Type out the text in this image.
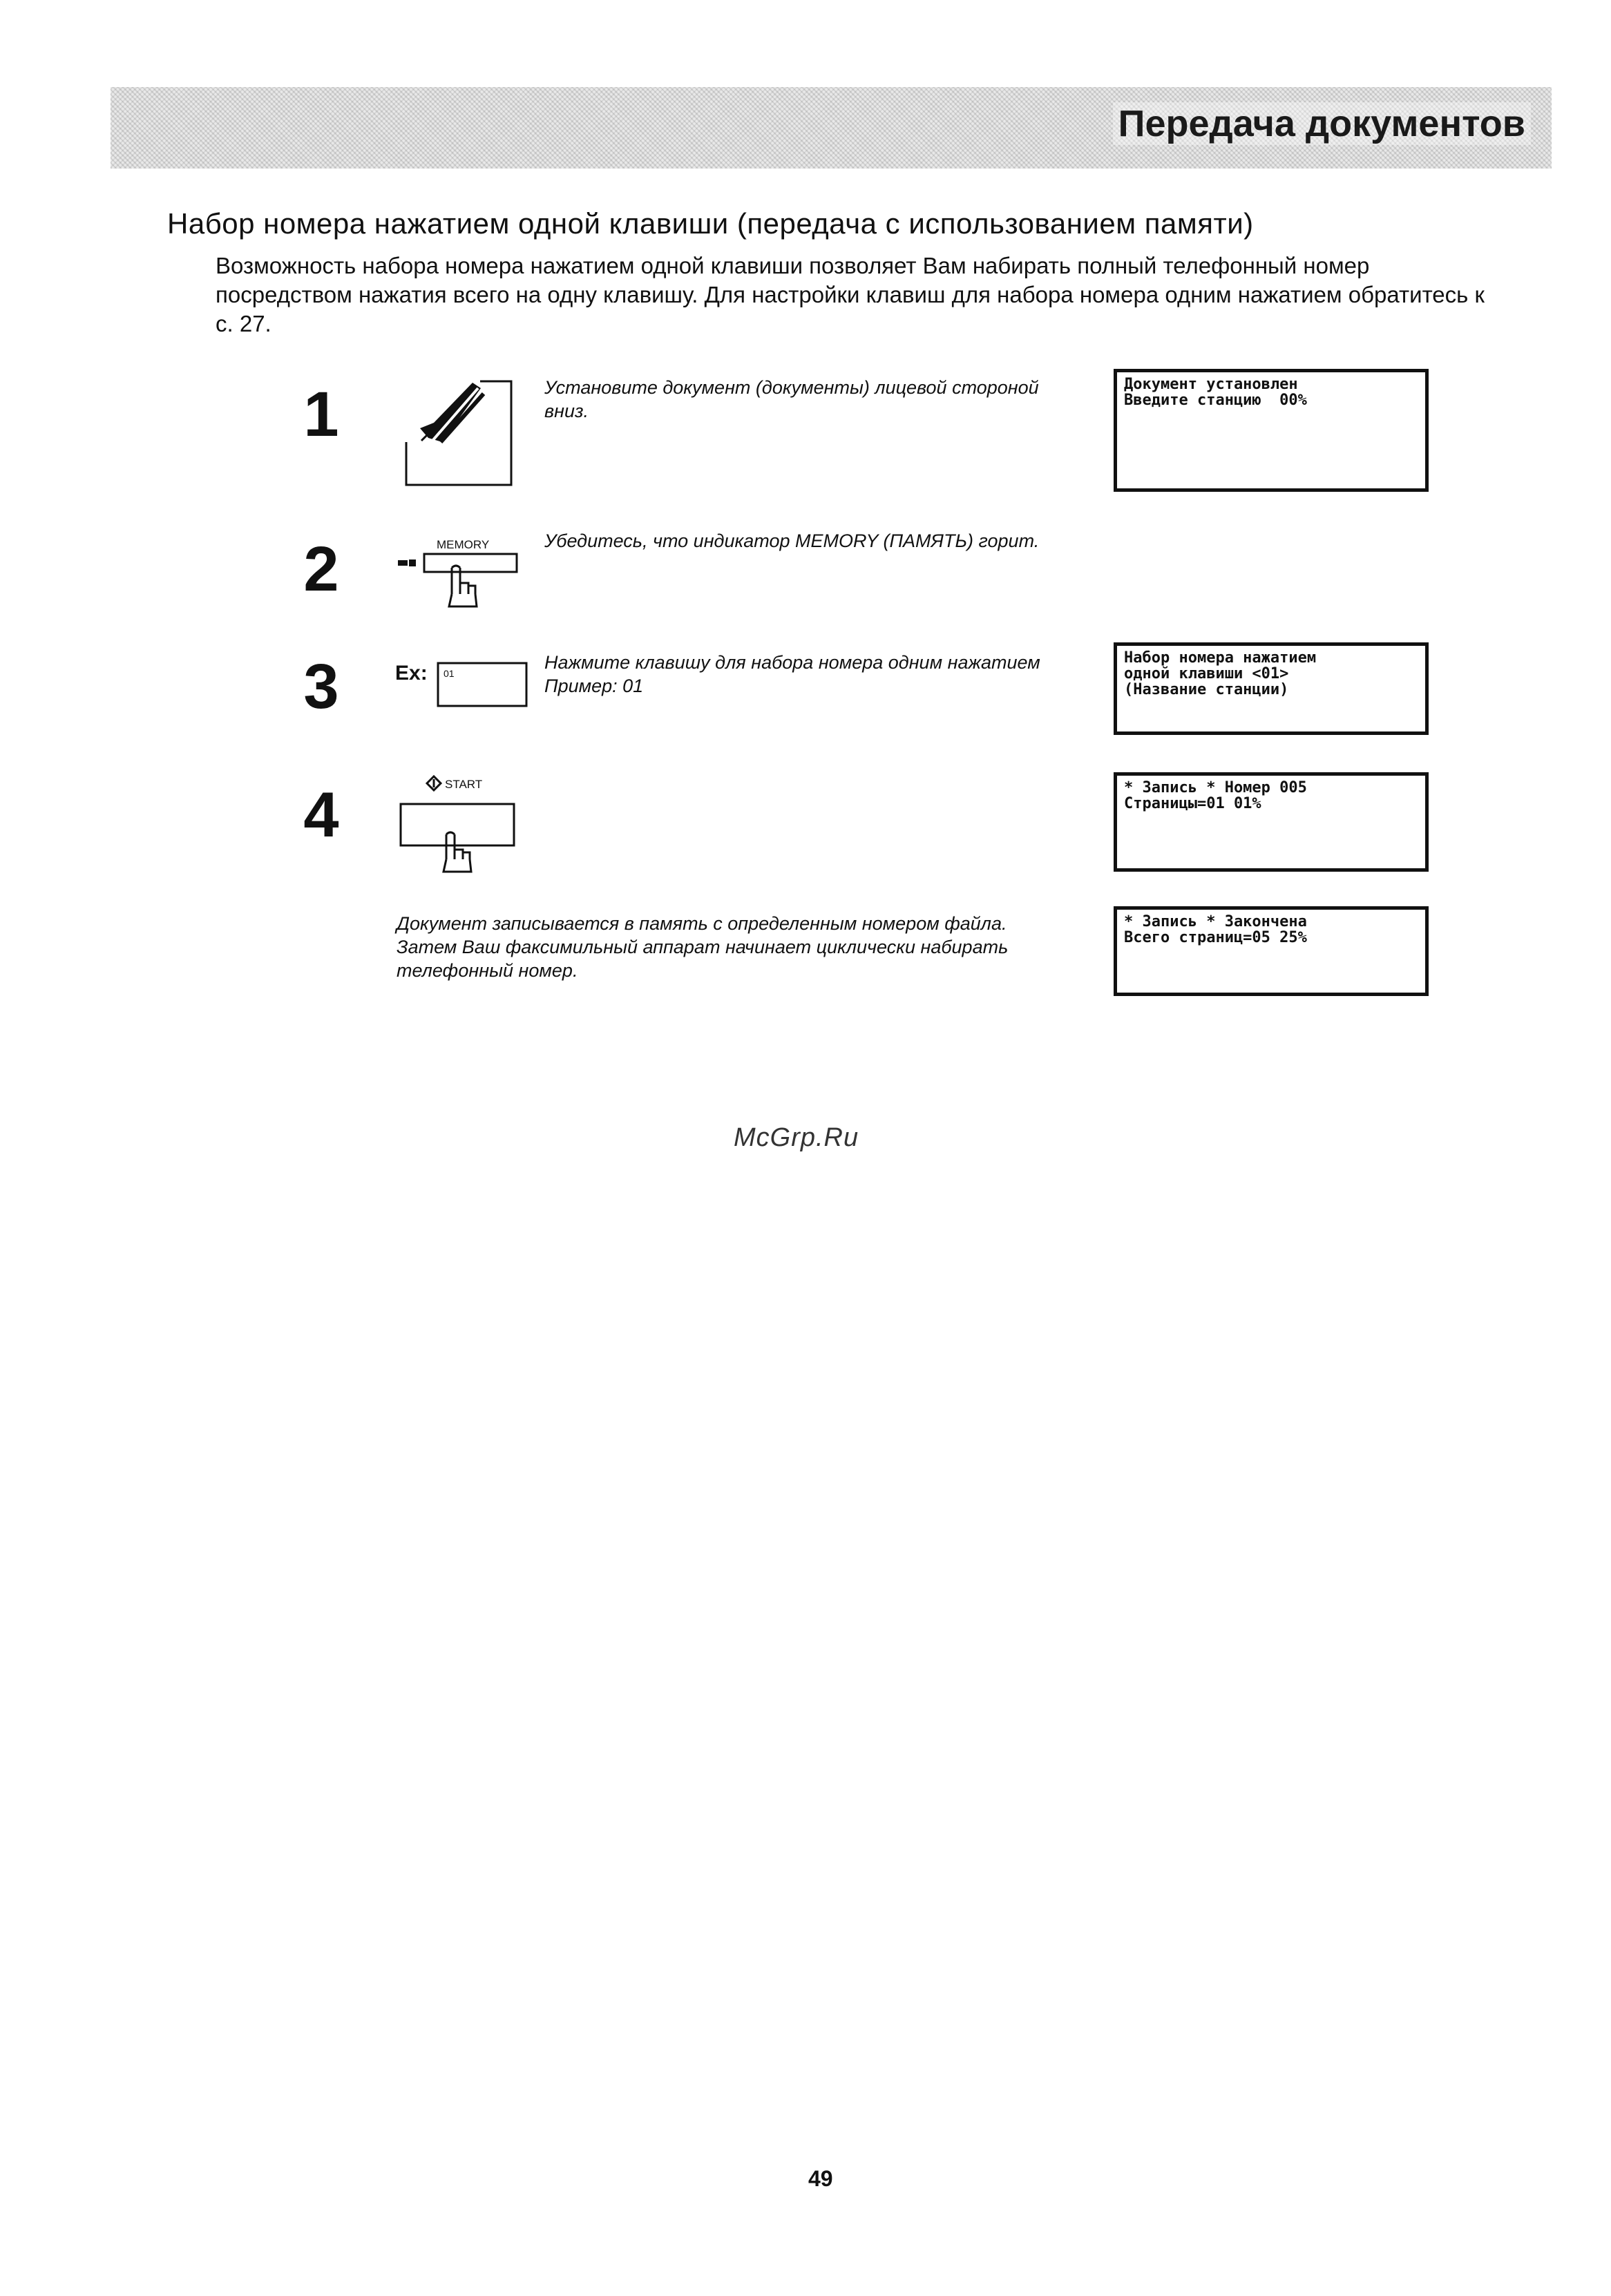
Передача документов
Набор номера нажатием одной клавиши (передача с использованием памяти)
Возможность набора номера нажатием одной клавиши позволяет Вам набирать полный телефонный номер посредством нажатия всего на одну клавишу. Для настройки клавиш для набора номера одним нажатием обратитесь к с. 27.
1	Установите документ (документы) лицевой стороной
вниз.
Документ установлен
Введите станцию  00%
2	MEMORY	Убедитесь, что индикатор MEMORY (ПАМЯТЬ) горит.
3	Ex: 01
Нажмите клавишу для набора номера одним нажатием
Пример: 01
Набор номера нажатием
одной клавиши <01>
(Название станции)
4	START	* Запись * Номер 005
Страницы=01 01%
Документ записывается в память с определенным номером файла.
Затем Ваш факсимильный аппарат начинает циклически набирать
телефонный номер.
* Запись * Закончена
Всего страниц=05 25%
McGrp.Ru
49
